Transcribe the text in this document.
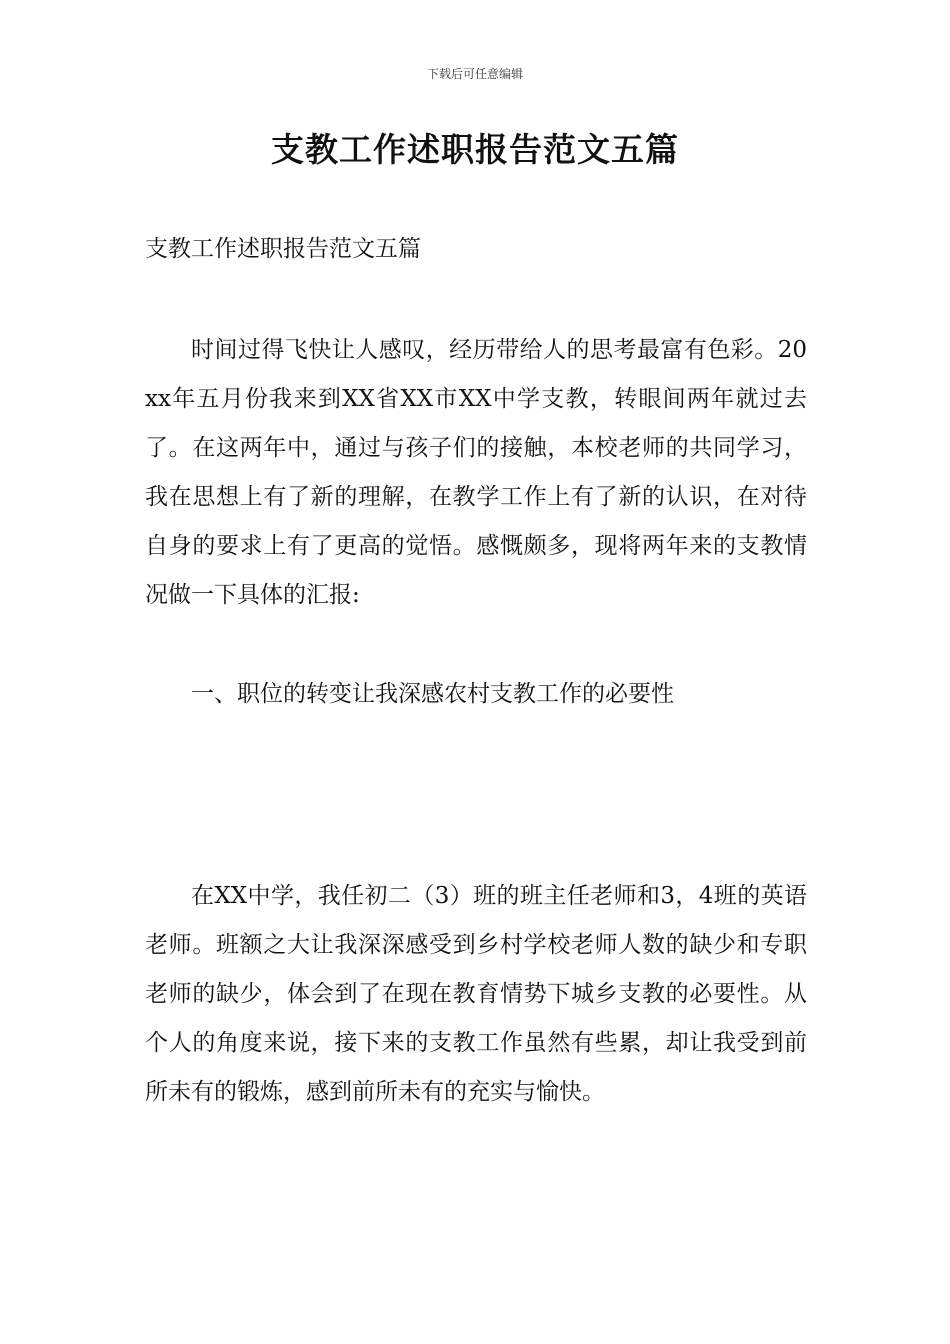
下载后可任意编辑
支教工作述职报告范文五篇

支教工作述职报告范文五篇

时间过得飞快让人感叹，经历带给人的思考最富有色彩。20xx年五月份我来到XX省XX市XX中学支教，转眼间两年就过去了。在这两年中，通过与孩子们的接触，本校老师的共同学习，我在思想上有了新的理解，在教学工作上有了新的认识，在对待自身的要求上有了更高的觉悟。感慨颇多，现将两年来的支教情况做一下具体的汇报:

一、职位的转变让我深感农村支教工作的必要性

在XX中学，我任初二（3）班的班主任老师和3，4班的英语老师。班额之大让我深深感受到乡村学校老师人数的缺少和专职老师的缺少，体会到了在现在教育情势下城乡支教的必要性。从个人的角度来说，接下来的支教工作虽然有些累，却让我受到前所未有的锻炼，感到前所未有的充实与愉快。
